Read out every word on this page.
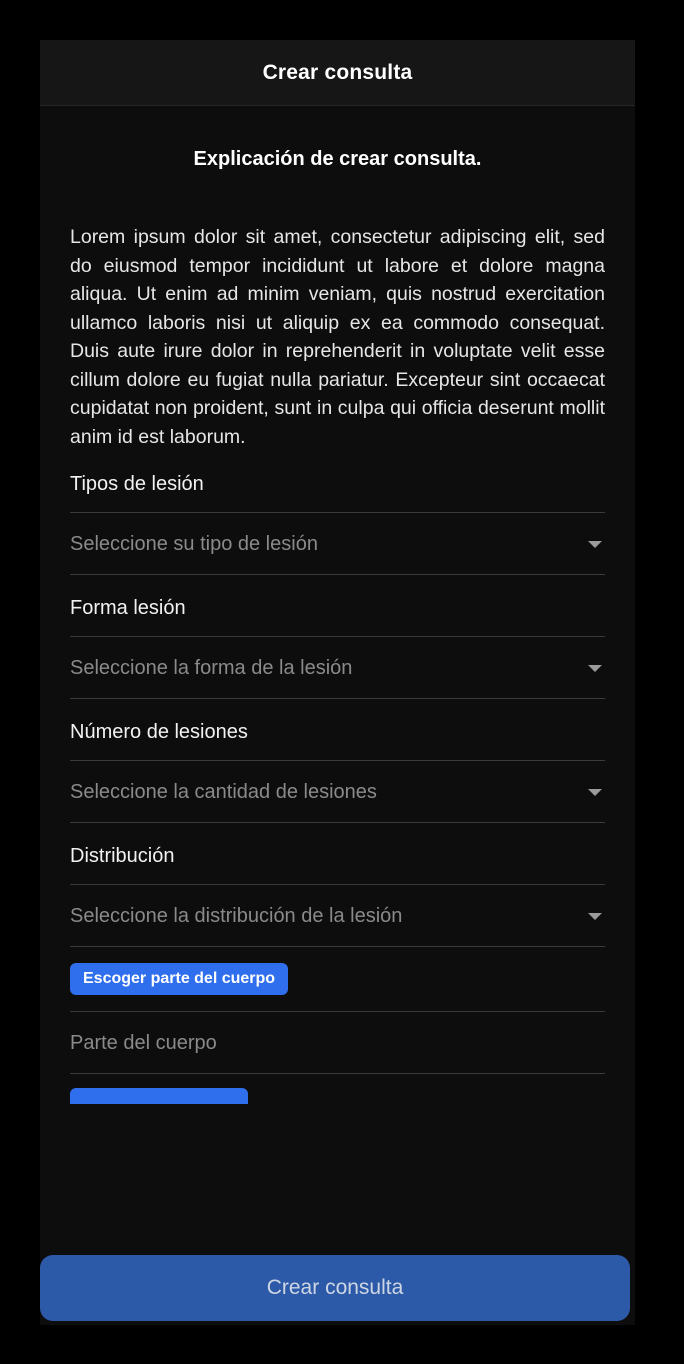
Crear consulta
Explicación de crear consulta.
Lorem ipsum dolor sit amet, consectetur adipiscing elit, sed do eiusmod tempor incididunt ut labore et dolore magna aliqua. Ut enim ad minim veniam, quis nostrud exercitation ullamco laboris nisi ut aliquip ex ea commodo consequat. Duis aute irure dolor in reprehenderit in voluptate velit esse cillum dolore eu fugiat nulla pariatur. Excepteur sint occaecat cupidatat non proident, sunt in culpa qui officia deserunt mollit anim id est laborum.
Tipos de lesión
Seleccione su tipo de lesión
Forma lesión
Seleccione la forma de la lesión
Número de lesiones
Seleccione la cantidad de lesiones
Distribución
Seleccione la distribución de la lesión
Escoger parte del cuerpo
Parte del cuerpo
Crear consulta
